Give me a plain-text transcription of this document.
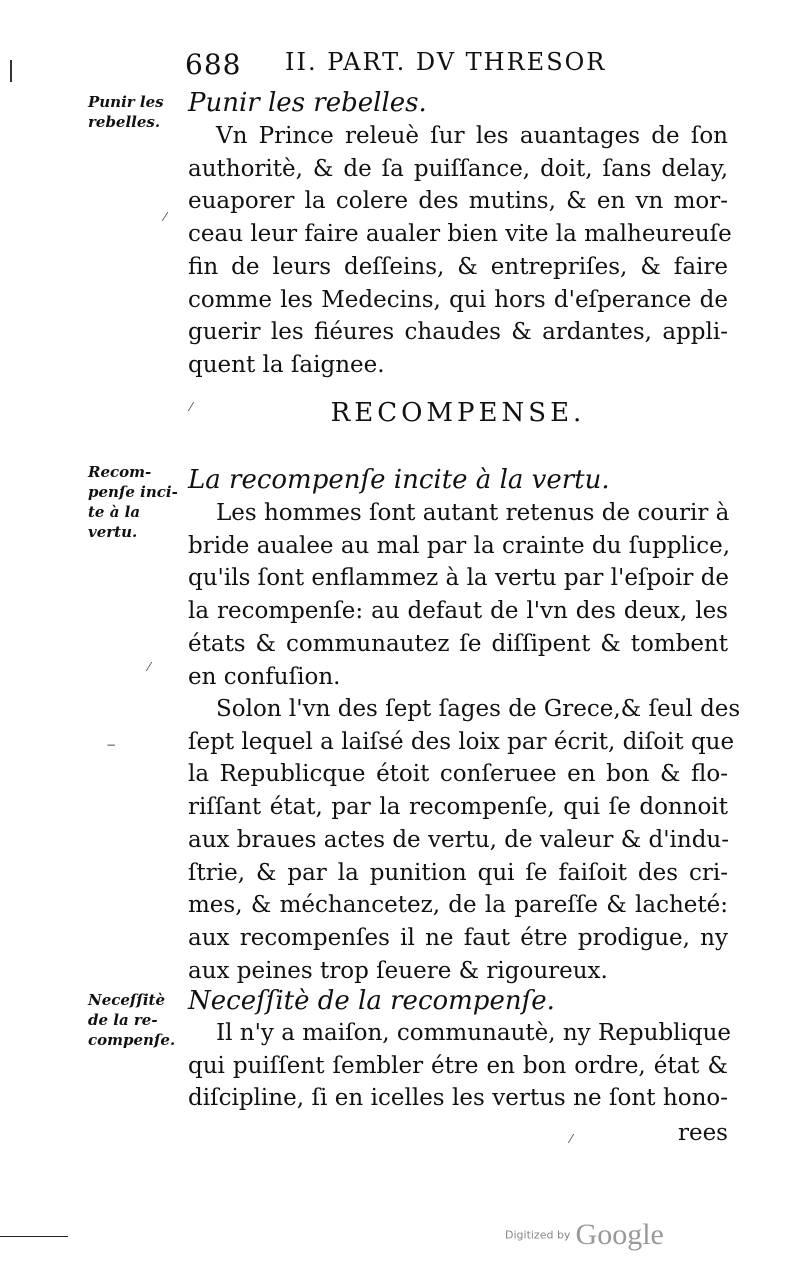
688 II. PART. DV THRESOR
Punir les
rebelles.
Punir les rebelles.
Vn Prince releuè ſur les auantages de ſon
authoritè, & de ſa puiſſance, doit, ſans delay,
euaporer la colere des mutins, & en vn mor-
ceau leur faire aualer bien vite la malheureuſe
fin de leurs deſſeins, & entrepriſes, & faire
comme les Medecins, qui hors d'eſperance de
guerir les fiéures chaudes & ardantes, appli-
quent la ſaignee.
RECOMPENSE.
Recom-
penſe inci-
te à la
vertu.
La recompenſe incite à la vertu.
Les hommes ſont autant retenus de courir à
bride aualee au mal par la crainte du ſupplice,
qu'ils ſont enflammez à la vertu par l'eſpoir de
la recompenſe: au defaut de l'vn des deux, les
états & communautez ſe diſſipent & tombent
en confuſion.
Solon l'vn des ſept ſages de Grece,& ſeul des
ſept lequel a laiſsé des loix par écrit, diſoit que
la Republicque étoit conſeruee en bon & flo-
riſſant état, par la recompenſe, qui ſe donnoit
aux braues actes de vertu, de valeur & d'indu-
ſtrie, & par la punition qui ſe faiſoit des cri-
mes, & méchancetez, de la pareſſe & lacheté:
aux recompenſes il ne faut étre prodigue, ny
aux peines trop ſeuere & rigoureux.
Neceſſitè
de la re-
compenſe.
Neceſſitè de la recompenſe.
Il n'y a maiſon, communautè, ny Republique
qui puiſſent ſembler étre en bon ordre, état &
diſcipline, ſi en icelles les vertus ne ſont hono-
rees
⁄
⁄
⁄
−
⁄
Digitized by Google
